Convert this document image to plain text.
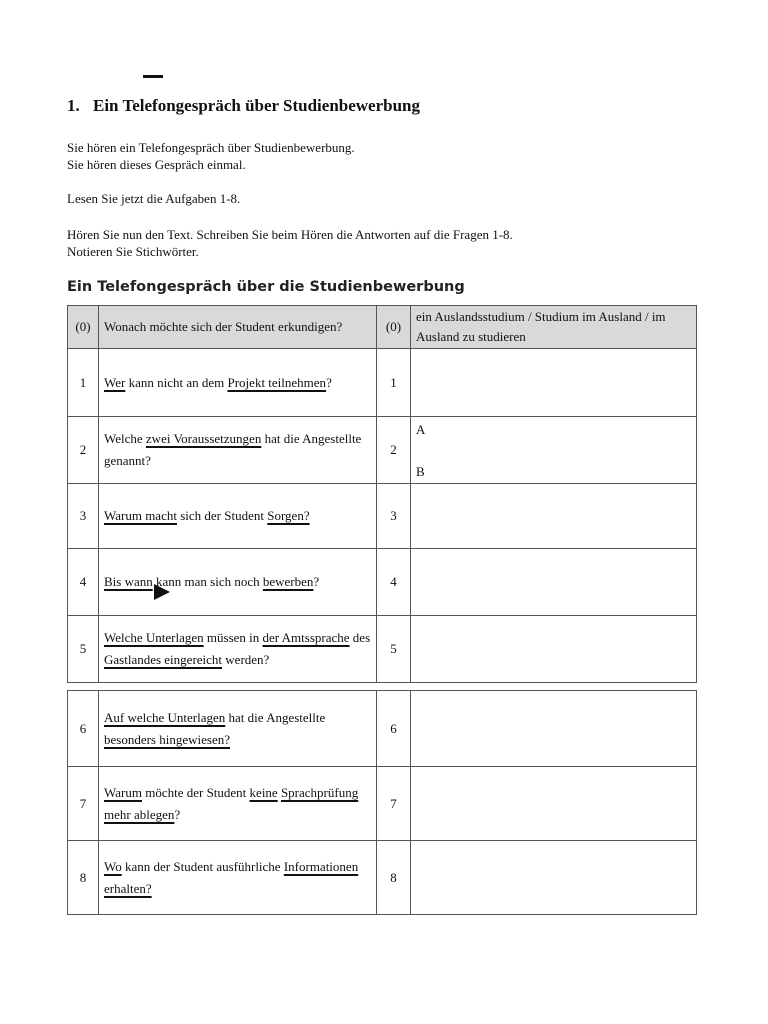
1. Ein Telefongespräch über Studienbewerbung

Sie hören ein Telefongespräch über Studienbewerbung.
Sie hören dieses Gespräch einmal.

Lesen Sie jetzt die Aufgaben 1-8.

Hören Sie nun den Text. Schreiben Sie beim Hören die Antworten auf die Fragen 1-8.
Notieren Sie Stichwörter.

Ein Telefongespräch über die Studienbewerbung
(0)	Wonach möchte sich der Student erkundigen?	(0)	ein Auslandsstudium / Studium im Ausland / im Ausland zu studieren
1	Wer kann nicht an dem Projekt teilnehmen?	1	
2	Welche zwei Voraussetzungen hat die Angestellte genannt?	2	A
B

3	Warum macht sich der Student Sorgen?	3	
4	Bis wann kann man sich noch bewerben?	4	
5	Welche Unterlagen müssen in der Amtssprache des Gastlandes eingereicht werden?	5	
6	Auf welche Unterlagen hat die Angestellte besonders hingewiesen?	6	
7	Warum möchte der Student keine Sprachprüfung mehr ablegen?	7	
8	Wo kann der Student ausführliche Informationen erhalten?	8	
